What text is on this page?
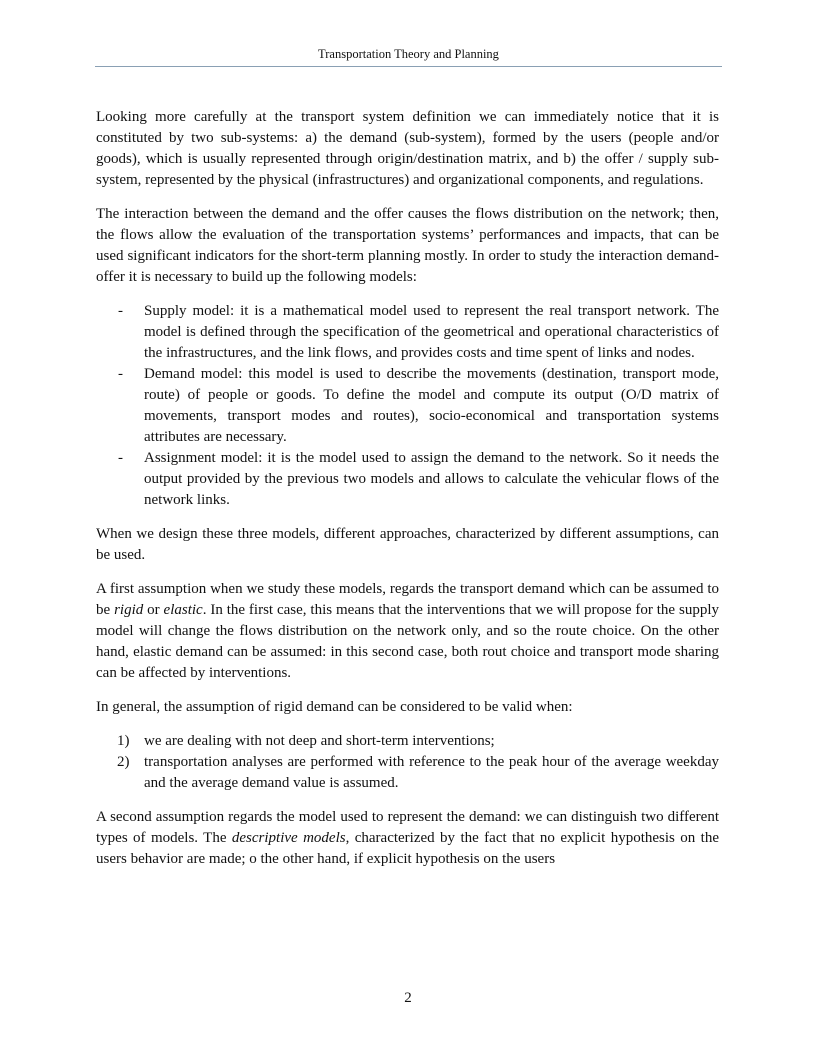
Transportation Theory and Planning

Looking more carefully at the transport system definition we can immediately notice that it is constituted by two sub-systems: a) the demand (sub-system), formed by the users (people and/or goods), which is usually represented through origin/destination matrix, and b) the offer / supply sub-system, represented by the physical (infrastructures) and organizational components, and regulations.

The interaction between the demand and the offer causes the flows distribution on the network; then, the flows allow the evaluation of the transportation systems’ performances and impacts, that can be used significant indicators for the short-term planning mostly. In order to study the interaction demand-offer it is necessary to build up the following models:

- Supply model: it is a mathematical model used to represent the real transport network. The model is defined through the specification of the geometrical and operational characteristics of the infrastructures, and the link flows, and provides costs and time spent of links and nodes.
- Demand model: this model is used to describe the movements (destination, transport mode, route) of people or goods. To define the model and compute its output (O/D matrix of movements, transport modes and routes), socio-economical and transportation systems attributes are necessary.
- Assignment model: it is the model used to assign the demand to the network. So it needs the output provided by the previous two models and allows to calculate the vehicular flows of the network links.

When we design these three models, different approaches, characterized by different assumptions, can be used.

A first assumption when we study these models, regards the transport demand which can be assumed to be rigid or elastic. In the first case, this means that the interventions that we will propose for the supply model will change the flows distribution on the network only, and so the route choice. On the other hand, elastic demand can be assumed: in this second case, both rout choice and transport mode sharing can be affected by interventions.

In general, the assumption of rigid demand can be considered to be valid when:

1) we are dealing with not deep and short-term interventions;
2) transportation analyses are performed with reference to the peak hour of the average weekday and the average demand value is assumed.

A second assumption regards the model used to represent the demand: we can distinguish two different types of models. The descriptive models, characterized by the fact that no explicit hypothesis on the users behavior are made; o the other hand, if explicit hypothesis on the users

2
